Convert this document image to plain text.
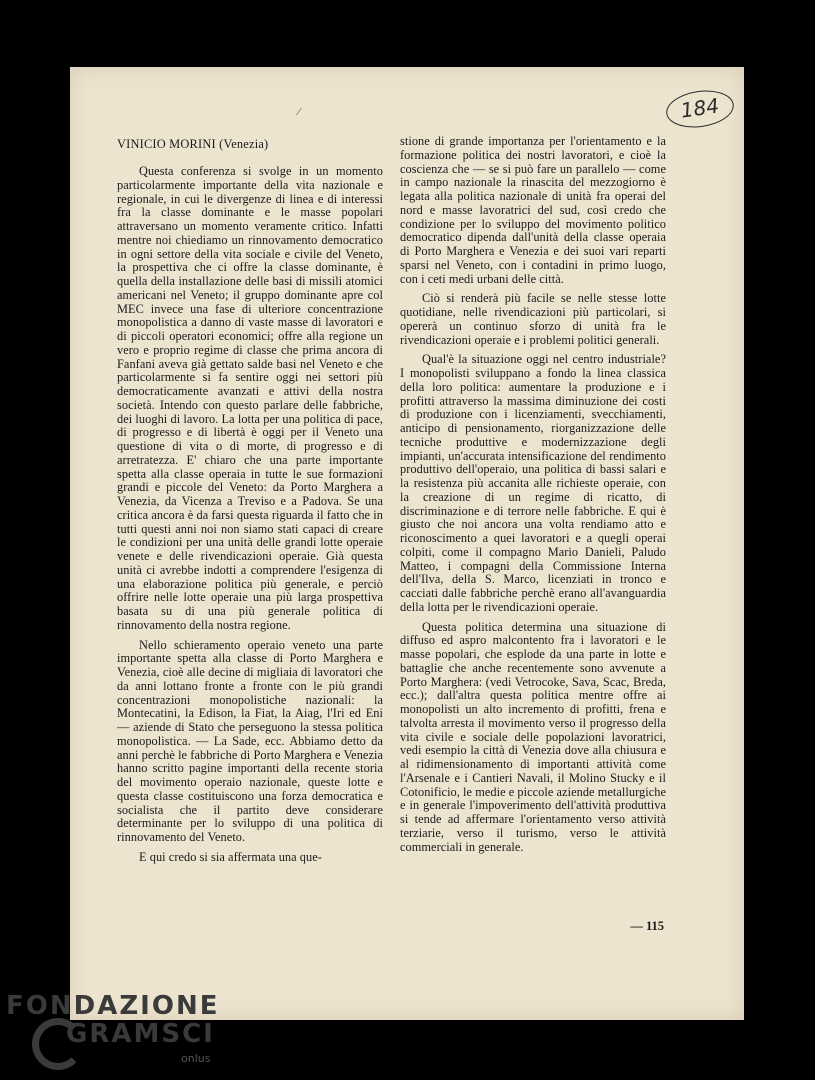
⁄	184
VINICIO MORINI (Venezia)

Questa conferenza si svolge in un momento particolarmente importante della vita nazionale e regionale, in cui le divergenze di linea e di interessi fra la classe dominante e le masse popolari attraversano un momento veramente critico. Infatti mentre noi chiediamo un rinnovamento democratico in ogni settore della vita sociale e civile del Veneto, la prospettiva che ci offre la classe dominante, è quella della installazione delle basi di missili atomici americani nel Veneto; il gruppo dominante apre col MEC invece una fase di ulteriore concentrazione monopolistica a danno di vaste masse di lavoratori e di piccoli operatori economici; offre alla regione un vero e proprio regime di classe che prima ancora di Fanfani aveva già gettato salde basi nel Veneto e che particolarmente si fa sentire oggi nei settori più democraticamente avanzati e attivi della nostra società. Intendo con questo parlare delle fabbriche, dei luoghi di lavoro. La lotta per una politica di pace, di progresso e di libertà è oggi per il Veneto una questione di vita o di morte, di progresso e di arretratezza. E' chiaro che una parte importante spetta alla classe operaia in tutte le sue formazioni grandi e piccole del Veneto: da Porto Marghera a Venezia, da Vicenza a Treviso e a Padova. Se una critica ancora è da farsi questa riguarda il fatto che in tutti questi anni noi non siamo stati capaci di creare le condizioni per una unità delle grandi lotte operaie venete e delle rivendicazioni operaie. Già questa unità ci avrebbe indotti a comprendere l'esigenza di una elaborazione politica più generale, e perciò offrire nelle lotte operaie una più larga prospettiva basata su di una più generale politica di rinnovamento della nostra regione.

Nello schieramento operaio veneto una parte importante spetta alla classe di Porto Marghera e Venezia, cioè alle decine di migliaia di lavoratori che da anni lottano fronte a fronte con le più grandi concentrazioni monopolistiche nazionali: la Montecatini, la Edison, la Fiat, la Aiag, l'Iri ed Eni — aziende di Stato che perseguono la stessa politica monopolistica. — La Sade, ecc. Abbiamo detto da anni perchè le fabbriche di Porto Marghera e Venezia hanno scritto pagine importanti della recente storia del movimento operaio nazionale, queste lotte e questa classe costituiscono una forza democratica e socialista che il partito deve considerare determinante per lo sviluppo di una politica di rinnovamento del Veneto.

E qui credo si sia affermata una que-

stione di grande importanza per l'orientamento e la formazione politica dei nostri lavoratori, e cioè la coscienza che — se si può fare un parallelo — come in campo nazionale la rinascita del mezzogiorno è legata alla politica nazionale di unità fra operai del nord e masse lavoratrici del sud, così credo che condizione per lo sviluppo del movimento politico democratico dipenda dall'unità della classe operaia di Porto Marghera e Venezia e dei suoi vari reparti sparsi nel Veneto, con i contadini in primo luogo, con i ceti medi urbani delle città.

Ciò si renderà più facile se nelle stesse lotte quotidiane, nelle rivendicazioni più particolari, si opererà un continuo sforzo di unità fra le rivendicazioni operaie e i problemi politici generali.

Qual'è la situazione oggi nel centro industriale? I monopolisti sviluppano a fondo la linea classica della loro politica: aumentare la produzione e i profitti attraverso la massima diminuzione dei costi di produzione con i licenziamenti, svecchiamenti, anticipo di pensionamento, riorganizzazione delle tecniche produttive e modernizzazione degli impianti, un'accurata intensificazione del rendimento produttivo dell'operaio, una politica di bassi salari e la resistenza più accanita alle richieste operaie, con la creazione di un regime di ricatto, di discriminazione e di terrore nelle fabbriche. E qui è giusto che noi ancora una volta rendiamo atto e riconoscimento a quei lavoratori e a quegli operai colpiti, come il compagno Mario Danieli, Paludo Matteo, i compagni della Commissione Interna dell'Ilva, della S. Marco, licenziati in tronco e cacciati dalle fabbriche perchè erano all'avanguardia della lotta per le rivendicazioni operaie.

Questa politica determina una situazione di diffuso ed aspro malcontento fra i lavoratori e le masse popolari, che esplode da una parte in lotte e battaglie che anche recentemente sono avvenute a Porto Marghera: (vedi Vetrocoke, Sava, Scac, Breda, ecc.); dall'altra questa politica mentre offre ai monopolisti un alto incremento di profitti, frena e talvolta arresta il movimento verso il progresso della vita civile e sociale delle popolazioni lavoratrici, vedi esempio la città di Venezia dove alla chiusura e al ridimensionamento di importanti attività come l'Arsenale e i Cantieri Navali, il Molino Stucky e il Cotonificio, le medie e piccole aziende metallurgiche e in generale l'impoverimento dell'attività produttiva si tende ad affermare l'orientamento verso attività terziarie, verso il turismo, verso le attività commerciali in generale.

— 115
FONDAZIONE
GRAMSCI
onlus
